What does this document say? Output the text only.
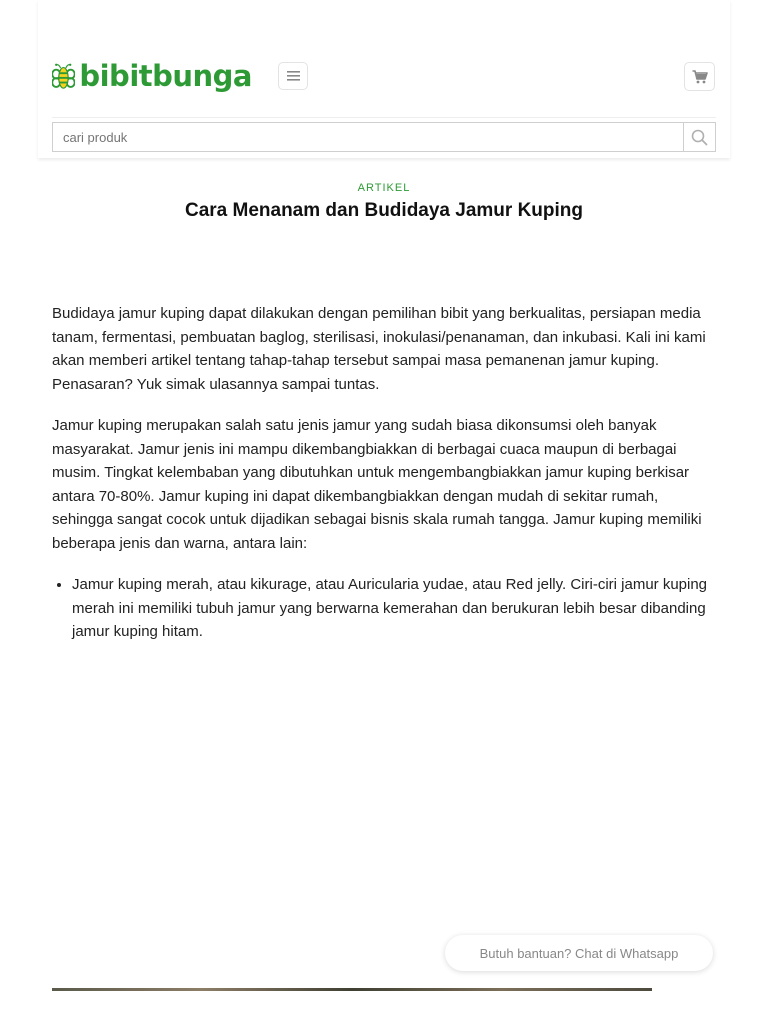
bibitbunga
cari produk
ARTIKEL
Cara Menanam dan Budidaya Jamur Kuping

Budidaya jamur kuping dapat dilakukan dengan pemilihan bibit yang berkualitas, persiapan media tanam, fermentasi, pembuatan baglog, sterilisasi, inokulasi/penanaman, dan inkubasi. Kali ini kami akan memberi artikel tentang tahap-tahap tersebut sampai masa pemanenan jamur kuping. Penasaran? Yuk simak ulasannya sampai tuntas.

Jamur kuping merupakan salah satu jenis jamur yang sudah biasa dikonsumsi oleh banyak masyarakat. Jamur jenis ini mampu dikembangbiakkan di berbagai cuaca maupun di berbagai musim. Tingkat kelembaban yang dibutuhkan untuk mengembangbiakkan jamur kuping berkisar antara 70-80%. Jamur kuping ini dapat dikembangbiakkan dengan mudah di sekitar rumah, sehingga sangat cocok untuk dijadikan sebagai bisnis skala rumah tangga. Jamur kuping memiliki beberapa jenis dan warna, antara lain:

• Jamur kuping merah, atau kikurage, atau Auricularia yudae, atau Red jelly. Ciri-ciri jamur kuping merah ini memiliki tubuh jamur yang berwarna kemerahan dan berukuran lebih besar dibanding jamur kuping hitam.
Butuh bantuan? Chat di Whatsapp
